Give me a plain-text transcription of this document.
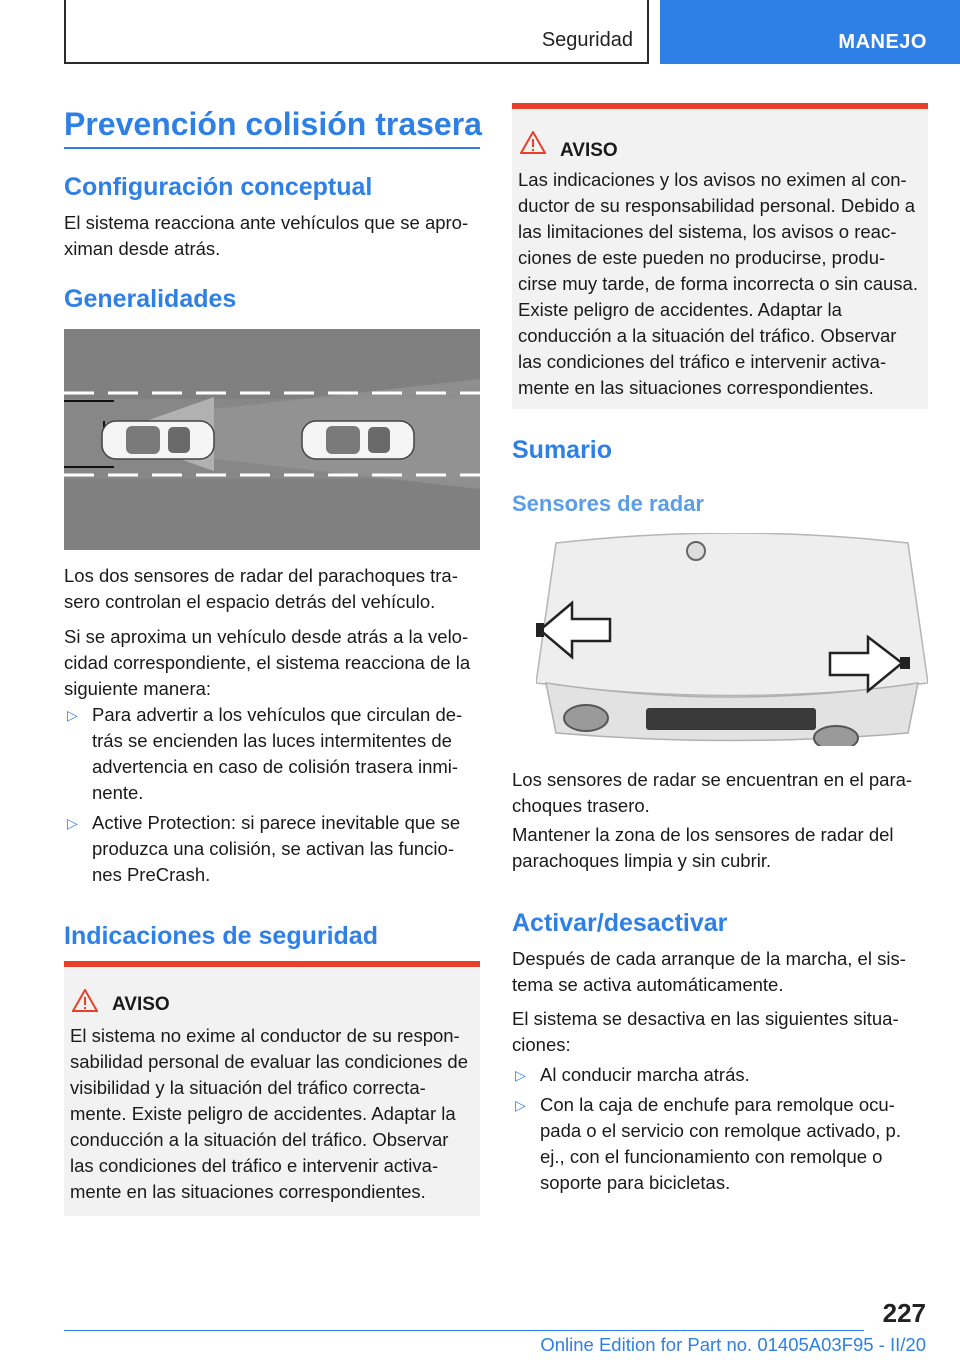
Seguridad	MANEJO
Prevención colisión trasera
Configuración conceptual

El sistema reacciona ante vehículos que se apro-ximan desde atrás.

Generalidades

Los dos sensores de radar del parachoques tra-sero controlan el espacio detrás del vehículo.

Si se aproxima un vehículo desde atrás a la velo-cidad correspondiente, el sistema reacciona de la siguiente manera:

▷ Para advertir a los vehículos que circulan de-trás se encienden las luces intermitentes de advertencia en caso de colisión trasera inmi-nente.
▷ Active Protection: si parece inevitable que se produzca una colisión, se activan las funcio-nes PreCrash.
Indicaciones de seguridad
AVISO

El sistema no exime al conductor de su respon-sabilidad personal de evaluar las condiciones de visibilidad y la situación del tráfico correcta-mente. Existe peligro de accidentes. Adaptar la conducción a la situación del tráfico. Observar las condiciones del tráfico e intervenir activa-mente en las situaciones correspondientes.

AVISO

Las indicaciones y los avisos no eximen al con-ductor de su responsabilidad personal. Debido a las limitaciones del sistema, los avisos o reac-ciones de este pueden no producirse, produ-cirse muy tarde, de forma incorrecta o sin causa. Existe peligro de accidentes. Adaptar la conducción a la situación del tráfico. Observar las condiciones del tráfico e intervenir activa-mente en las situaciones correspondientes.

Sumario
Sensores de radar

Los sensores de radar se encuentran en el para-choques trasero.

Mantener la zona de los sensores de radar del parachoques limpia y sin cubrir.

Activar/desactivar

Después de cada arranque de la marcha, el sis-tema se activa automáticamente.

El sistema se desactiva en las siguientes situa-ciones:

▷ Al conducir marcha atrás.
▷ Con la caja de enchufe para remolque ocu-pada o el servicio con remolque activado, p. ej., con el funcionamiento con remolque o soporte para bicicletas.
227
Online Edition for Part no. 01405A03F95 - II/20
